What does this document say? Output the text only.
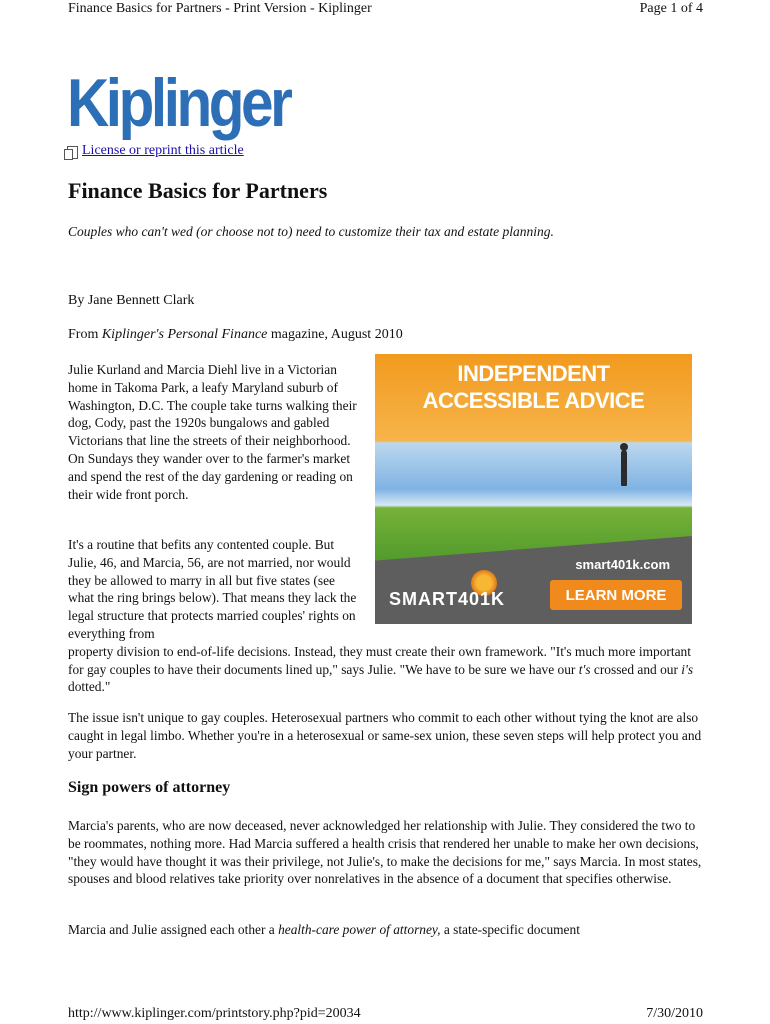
Finance Basics for Partners - Print Version - Kiplinger	Page 1 of 4
Kiplinger
License or reprint this article
Finance Basics for Partners
Couples who can't wed (or choose not to) need to customize their tax and estate planning.
By Jane Bennett Clark
From Kiplinger's Personal Finance magazine, August 2010
INDEPENDENT
ACCESSIBLE ADVICE
smart401k.com
SMART401K	LEARN MORE

Julie Kurland and Marcia Diehl live in a Victorian home in Takoma Park, a leafy Maryland suburb of Washington, D.C. The couple take turns walking their dog, Cody, past the 1920s bungalows and gabled Victorians that line the streets of their neighborhood. On Sundays they wander over to the farmer's market and spend the rest of the day gardening or reading on their wide front porch.

It's a routine that befits any contented couple. But Julie, 46, and Marcia, 56, are not married, nor would they be allowed to marry in all but five states (see what the ring brings below). That means they lack the legal structure that protects married couples' rights on everything from
property division to end-of-life decisions. Instead, they must create their own framework. "It's much more important for gay couples to have their documents lined up," says Julie. "We have to be sure we have our t's crossed and our i's dotted."

The issue isn't unique to gay couples. Heterosexual partners who commit to each other without tying the knot are also caught in legal limbo. Whether you're in a heterosexual or same-sex union, these seven steps will help protect you and your partner.

Sign powers of attorney

Marcia's parents, who are now deceased, never acknowledged her relationship with Julie. They considered the two to be roommates, nothing more. Had Marcia suffered a health crisis that rendered her unable to make her own decisions, "they would have thought it was their privilege, not Julie's, to make the decisions for me," says Marcia. In most states, spouses and blood relatives take priority over nonrelatives in the absence of a document that specifies otherwise.

Marcia and Julie assigned each other a health-care power of attorney, a state-specific document

http://www.kiplinger.com/printstory.php?pid=20034	7/30/2010
